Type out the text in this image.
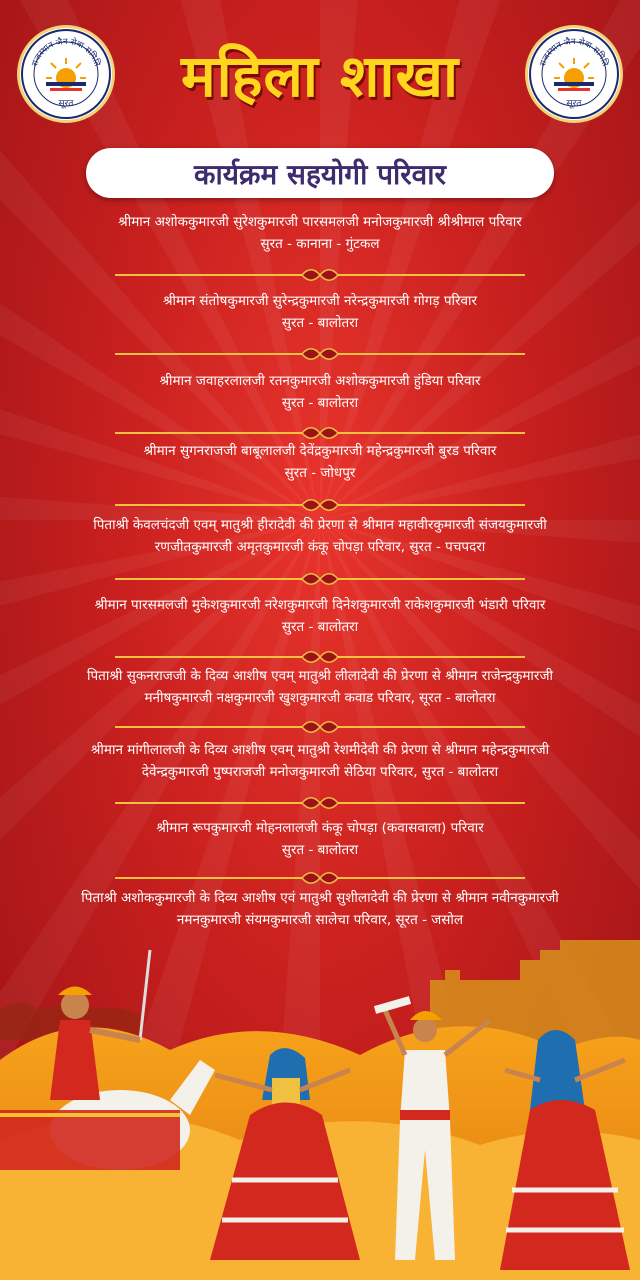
राजस्थान जैन सेवा समिति
सूरत
राजस्थान जैन सेवा समिति
सूरत
महिला शाखा
कार्यक्रम सहयोगी परिवार
श्रीमान अशोककुमारजी सुरेशकुमारजी पारसमलजी मनोजकुमारजी श्रीश्रीमाल परिवार
सुरत - कानाना - गुंटकल
श्रीमान संतोषकुमारजी सुरेन्द्रकुमारजी नरेन्द्रकुमारजी गोगड़ परिवार
सुरत - बालोतरा
श्रीमान जवाहरलालजी रतनकुमारजी अशोककुमारजी हुंडिया परिवार
सुरत - बालोतरा
श्रीमान सुगनराजजी बाबूलालजी देवेंद्रकुमारजी महेन्द्रकुमारजी बुरड परिवार
सुरत - जोधपुर
पिताश्री केवलचंदजी एवम् मातुश्री हीरादेवी की प्रेरणा से श्रीमान महावीरकुमारजी संजयकुमारजी
रणजीतकुमारजी अमृतकुमारजी कंकू चोपड़ा परिवार, सुरत - पचपदरा
श्रीमान पारसमलजी मुकेशकुमारजी नरेशकुमारजी दिनेशकुमारजी राकेशकुमारजी भंडारी परिवार
सुरत - बालोतरा
पिताश्री सुकनराजजी के दिव्य आशीष एवम् मातुश्री लीलादेवी की प्रेरणा से श्रीमान राजेन्द्रकुमारजी
मनीषकुमारजी नक्षकुमारजी खुशकुमारजी कवाड परिवार, सूरत - बालोतरा
श्रीमान मांगीलालजी के दिव्य आशीष एवम् मातुश्री रेशमीदेवी की प्रेरणा से श्रीमान महेन्द्रकुमारजी
देवेन्द्रकुमारजी पुष्पराजजी मनोजकुमारजी सेठिया परिवार, सुरत - बालोतरा
श्रीमान रूपकुमारजी मोहनलालजी कंकू चोपड़ा (कवासवाला) परिवार
सुरत - बालोतरा
पिताश्री अशोककुमारजी के दिव्य आशीष एवं मातुश्री सुशीलादेवी की प्रेरणा से श्रीमान नवीनकुमारजी
नमनकुमारजी संयमकुमारजी सालेचा परिवार, सूरत - जसोल
